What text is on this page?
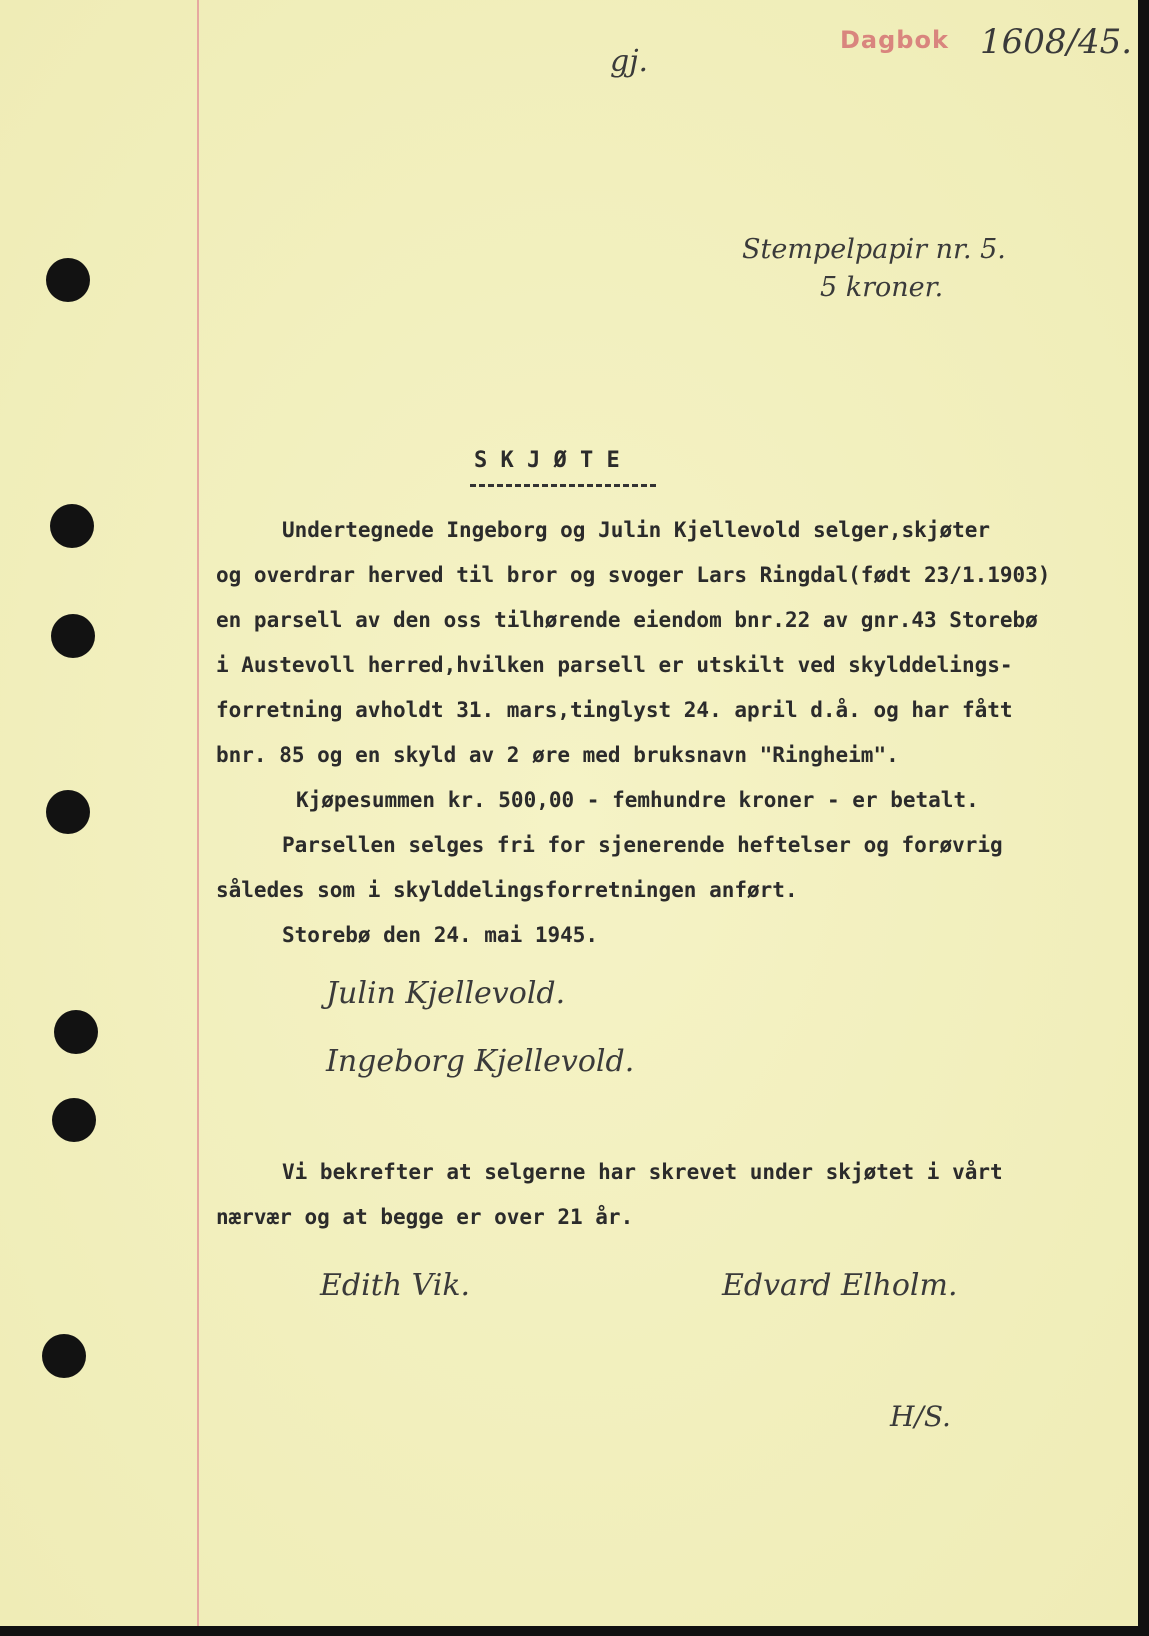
Dagbok 1608/45.
gj.
Stempelpapir nr. 5.
5 kroner.
S K J Ø T E
Undertegnede Ingeborg og Julin Kjellevold selger,skjøter
og overdrar herved til bror og svoger Lars Ringdal(født 23/1.1903)
en parsell av den oss tilhørende eiendom bnr.22 av gnr.43 Storebø
i Austevoll herred,hvilken parsell er utskilt ved skylddelings-
forretning avholdt 31. mars,tinglyst 24. april d.å. og har fått
bnr. 85 og en skyld av 2 øre med bruksnavn "Ringheim".
Kjøpesummen kr. 500,00 - femhundre kroner - er betalt.
Parsellen selges fri for sjenerende heftelser og forøvrig
således som i skylddelingsforretningen anført.
Storebø den 24. mai 1945.
Julin Kjellevold.
Ingeborg Kjellevold.
Vi bekrefter at selgerne har skrevet under skjøtet i vårt
nærvær og at begge er over 21 år.
Edith Vik.	Edvard Elholm.
H/S.
